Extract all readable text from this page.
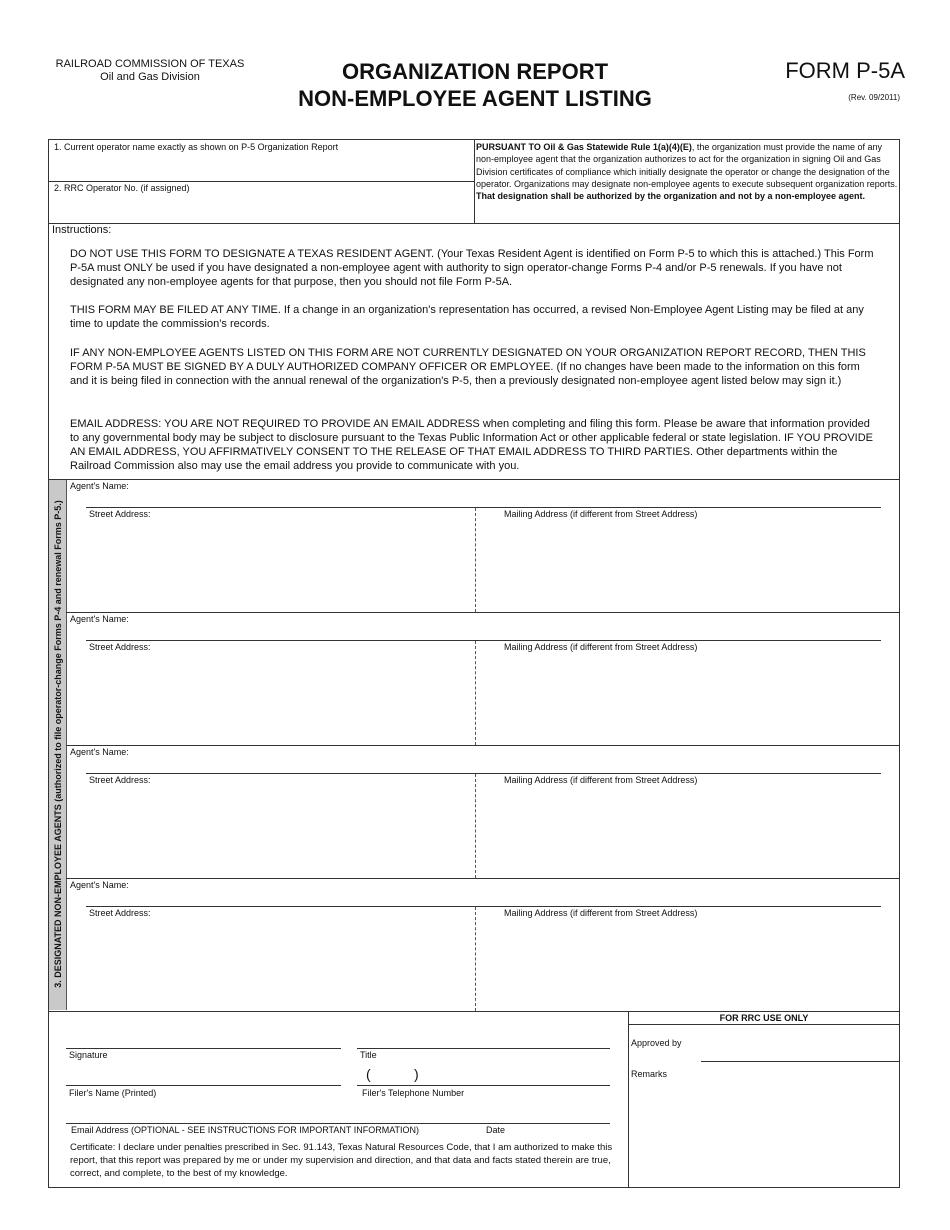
RAILROAD COMMISSION OF TEXAS
Oil and Gas Division	ORGANIZATION REPORT
NON-EMPLOYEE AGENT LISTING
FORM P-5A
(Rev. 09/2011)
1. Current operator name exactly as shown on P-5 Organization Report
2. RRC Operator No. (if assigned)
PURSUANT TO Oil & Gas Statewide Rule 1(a)(4)(E), the organization must provide the name of any non-employee agent that the organization authorizes to act for the organization in signing Oil and Gas Division certificates of compliance which initially designate the operator or change the designation of the operator. Organizations may designate non-employee agents to execute subsequent organization reports. That designation shall be authorized by the organization and not by a non-employee agent.
Instructions:
DO NOT USE THIS FORM TO DESIGNATE A TEXAS RESIDENT AGENT. (Your Texas Resident Agent is identified on Form P-5 to which this is attached.) This Form P-5A must ONLY be used if you have designated a non-employee agent with authority to sign operator-change Forms P-4 and/or P-5 renewals. If you have not designated any non-employee agents for that purpose, then you should not file Form P-5A.
THIS FORM MAY BE FILED AT ANY TIME. If a change in an organization's representation has occurred, a revised Non-Employee Agent Listing may be filed at any time to update the commission’s records.
IF ANY NON-EMPLOYEE AGENTS LISTED ON THIS FORM ARE NOT CURRENTLY DESIGNATED ON YOUR ORGANIZATION REPORT RECORD, THEN THIS FORM P-5A MUST BE SIGNED BY A DULY AUTHORIZED COMPANY OFFICER OR EMPLOYEE. (If no changes have been made to the information on this form and it is being filed in connection with the annual renewal of the organization's P-5, then a previously designated non-employee agent listed below may sign it.)
EMAIL ADDRESS: YOU ARE NOT REQUIRED TO PROVIDE AN EMAIL ADDRESS when completing and filing this form. Please be aware that information provided to any governmental body may be subject to disclosure pursuant to the Texas Public Information Act or other applicable federal or state legislation. IF YOU PROVIDE AN EMAIL ADDRESS, YOU AFFIRMATIVELY CONSENT TO THE RELEASE OF THAT EMAIL ADDRESS TO THIRD PARTIES. Other departments within the Railroad Commission also may use the email address you provide to communicate with you.
3. DESIGNATED NON-EMPLOYEE AGENTS (authorized to file operator-change Forms P-4 and renewal Forms P-5.)
Agent's Name:
Street Address:	Mailing Address (if different from Street Address)
Agent's Name:
Street Address:	Mailing Address (if different from Street Address)
Agent's Name:
Street Address:	Mailing Address (if different from Street Address)
Agent's Name:
Street Address:	Mailing Address (if different from Street Address)
FOR RRC USE ONLY
Approved by
Remarks
Signature	Title
(	)
Filer's Name (Printed)	Filer's Telephone Number
Email Address (OPTIONAL - SEE INSTRUCTIONS FOR IMPORTANT INFORMATION)	Date
Certificate: I declare under penalties prescribed in Sec. 91.143, Texas Natural Resources Code, that I am authorized to make this report, that this report was prepared by me or under my supervision and direction, and that data and facts stated therein are true, correct, and complete, to the best of my knowledge.
